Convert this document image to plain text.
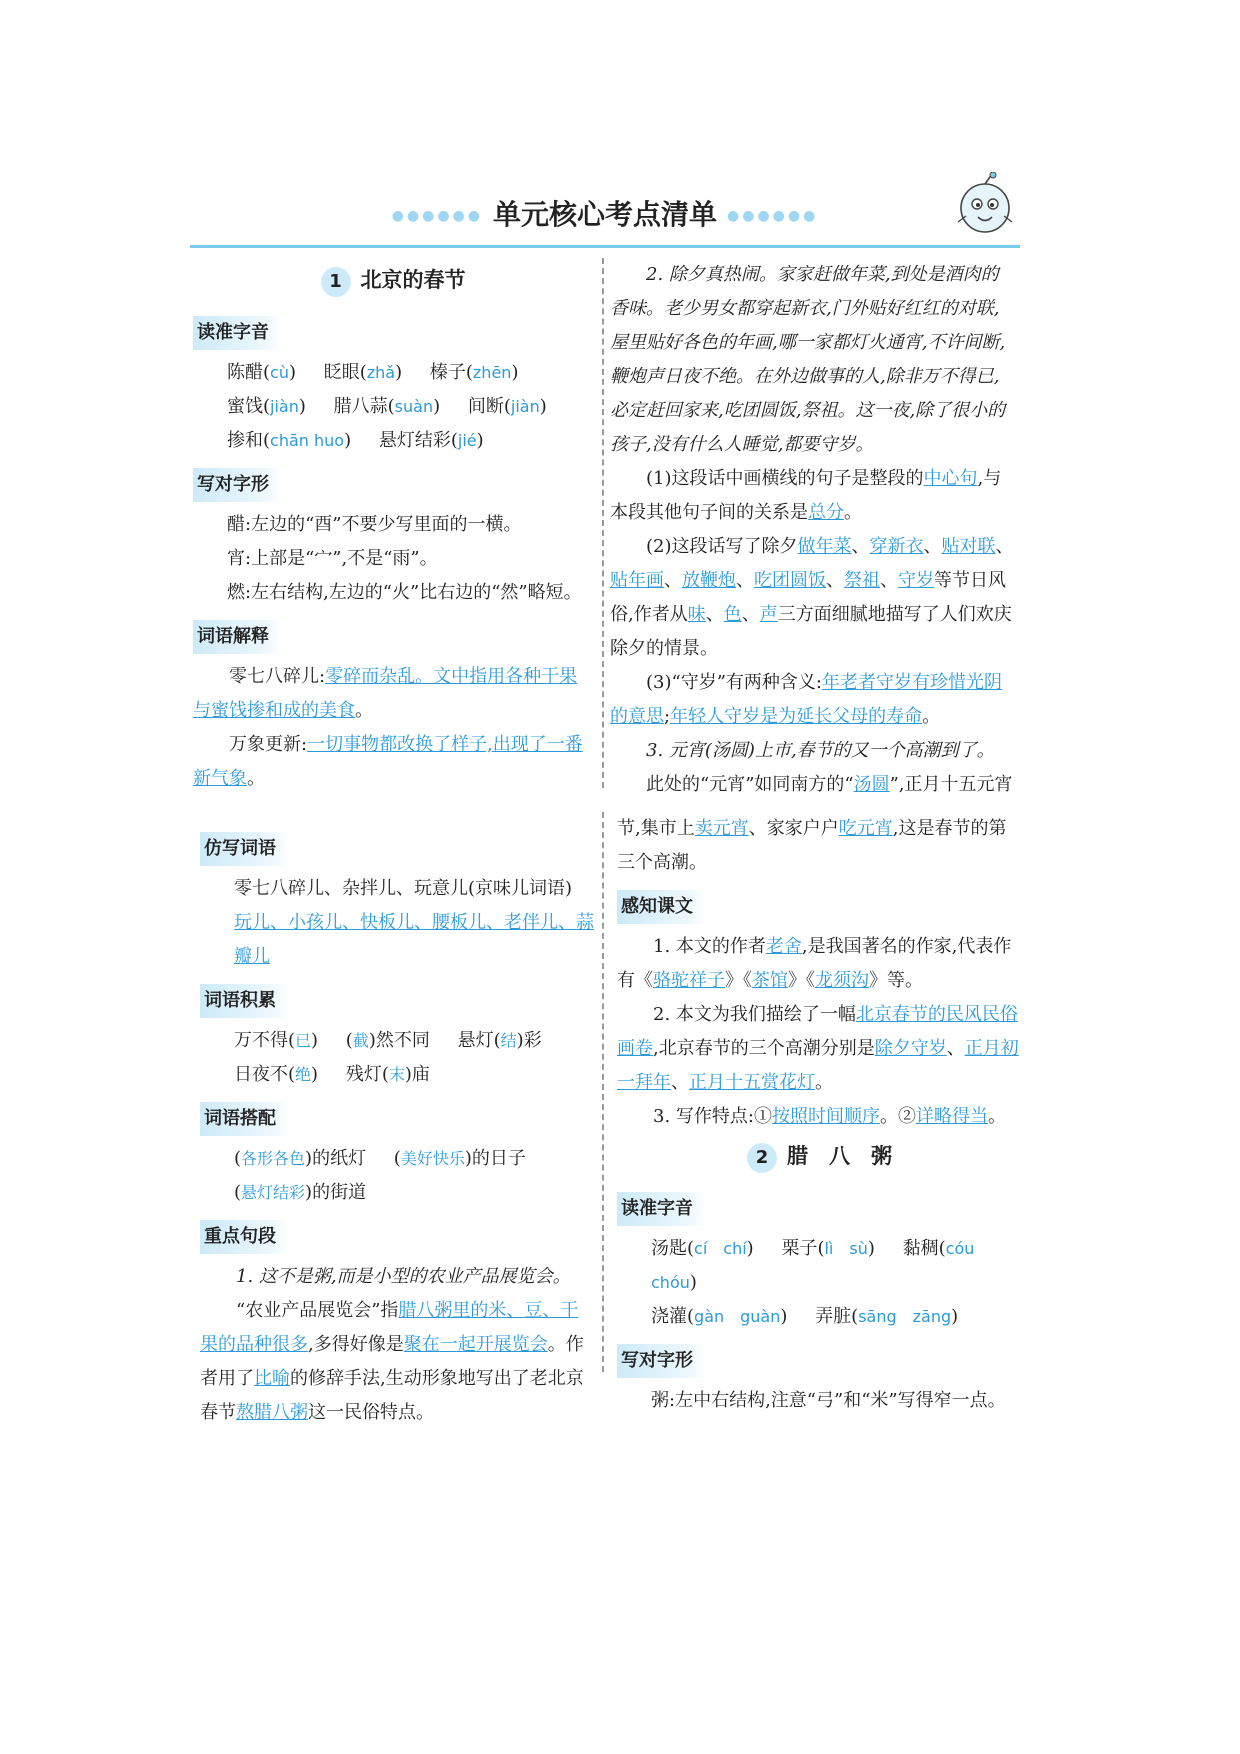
●●●●●● 单元核心考点清单 ●●●●●●
1 北京的春节
读准字音

陈醋(cù) 眨眼(zhǎ) 榛子(zhēn)

蜜饯(jiàn) 腊八蒜(suàn) 间断(jiàn)

掺和(chān huo) 悬灯结彩(jié)

写对字形

醋:左边的“酉”不要少写里面的一横。

宵:上部是“宀”,不是“雨”。

燃:左右结构,左边的“火”比右边的“然”略短。

词语解释

零七八碎儿:零碎而杂乱。文中指用各种干果与蜜饯掺和成的美食。

万象更新:一切事物都改换了样子,出现了一番新气象。

2. 除夕真热闹。家家赶做年菜,到处是酒肉的香味。老少男女都穿起新衣,门外贴好红红的对联,屋里贴好各色的年画,哪一家都灯火通宵,不许间断,鞭炮声日夜不绝。在外边做事的人,除非万不得已,必定赶回家来,吃团圆饭,祭祖。这一夜,除了很小的孩子,没有什么人睡觉,都要守岁。

(1)这段话中画横线的句子是整段的中心句,与本段其他句子间的关系是总分。

(2)这段话写了除夕做年菜、穿新衣、贴对联、贴年画、放鞭炮、吃团圆饭、祭祖、守岁等节日风俗,作者从味、色、声三方面细腻地描写了人们欢庆除夕的情景。

(3)“守岁”有两种含义:年老者守岁有珍惜光阴的意思;年轻人守岁是为延长父母的寿命。

3. 元宵(汤圆)上市,春节的又一个高潮到了。

此处的“元宵”如同南方的“汤圆”,正月十五元宵

仿写词语

零七八碎儿、杂拌儿、玩意儿(京味儿词语)

玩儿、小孩儿、快板儿、腰板儿、老伴儿、蒜瓣儿

词语积累

万不得(已) (截)然不同 悬灯(结)彩

日夜不(绝) 残灯(末)庙

词语搭配

(各形各色)的纸灯 (美好快乐)的日子

(悬灯结彩)的街道

重点句段

1. 这不是粥,而是小型的农业产品展览会。

“农业产品展览会”指腊八粥里的米、豆、干果的品种很多,多得好像是聚在一起开展览会。作者用了比喻的修辞手法,生动形象地写出了老北京春节熬腊八粥这一民俗特点。

节,集市上卖元宵、家家户户吃元宵,这是春节的第三个高潮。

感知课文

1. 本文的作者老舍,是我国著名的作家,代表作有《骆驼祥子》《茶馆》《龙须沟》等。

2. 本文为我们描绘了一幅北京春节的民风民俗画卷,北京春节的三个高潮分别是除夕守岁、正月初一拜年、正月十五赏花灯。

3. 写作特点:①按照时间顺序。②详略得当。

2 腊　八　粥
读准字音

汤匙(cí　chí) 栗子(lì　sù) 黏稠(cóu　chóu)

浇灌(gàn　guàn) 弄脏(sāng　zāng)

写对字形

粥:左中右结构,注意“弓”和“米”写得窄一点。
